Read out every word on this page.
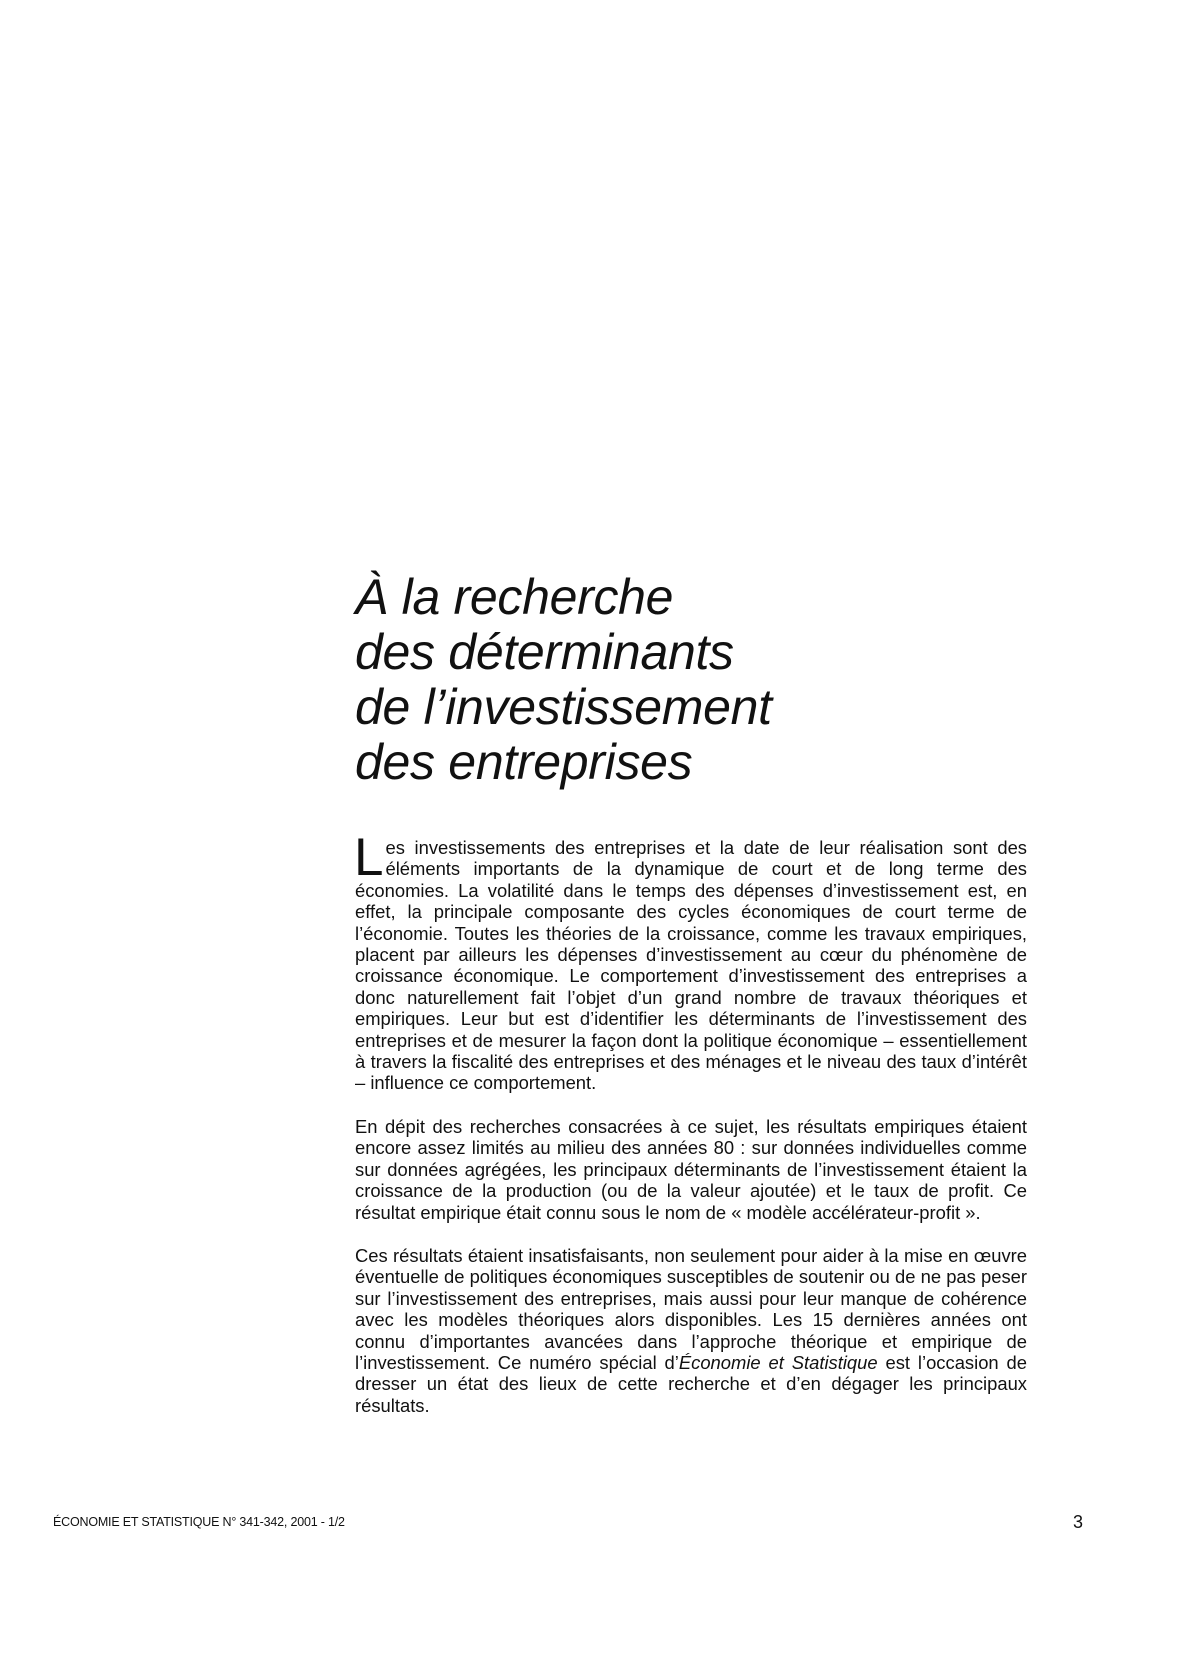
À la recherche
des déterminants
de l’investissement
des entreprises

Les investissements des entreprises et la date de leur réalisation sont des éléments importants de la dynamique de court et de long terme des économies. La volatilité dans le temps des dépenses d’investissement est, en effet, la principale composante des cycles économiques de court terme de l’économie. Toutes les théories de la croissance, comme les travaux empiriques, placent par ailleurs les dépenses d’investissement au cœur du phénomène de croissance économique. Le comportement d’investissement des entreprises a donc naturellement fait l’objet d’un grand nombre de travaux théoriques et empiriques. Leur but est d’identifier les déterminants de l’investissement des entreprises et de mesurer la façon dont la politique économique – essentiellement à travers la fiscalité des entreprises et des ménages et le niveau des taux d’intérêt – influence ce comportement.

En dépit des recherches consacrées à ce sujet, les résultats empiriques étaient encore assez limités au milieu des années 80 : sur données individuelles comme sur données agrégées, les principaux déterminants de l’investissement étaient la croissance de la production (ou de la valeur ajoutée) et le taux de profit. Ce résultat empirique était connu sous le nom de « modèle accélérateur-profit ».

Ces résultats étaient insatisfaisants, non seulement pour aider à la mise en œuvre éventuelle de politiques économiques susceptibles de soutenir ou de ne pas peser sur l’investissement des entreprises, mais aussi pour leur manque de cohérence avec les modèles théoriques alors disponibles. Les 15 dernières années ont connu d’importantes avancées dans l’approche théorique et empirique de l’investissement. Ce numéro spécial d’Économie et Statistique est l’occasion de dresser un état des lieux de cette recherche et d’en dégager les principaux résultats.

ÉCONOMIE ET STATISTIQUE N° 341-342, 2001 - 1/2	3
